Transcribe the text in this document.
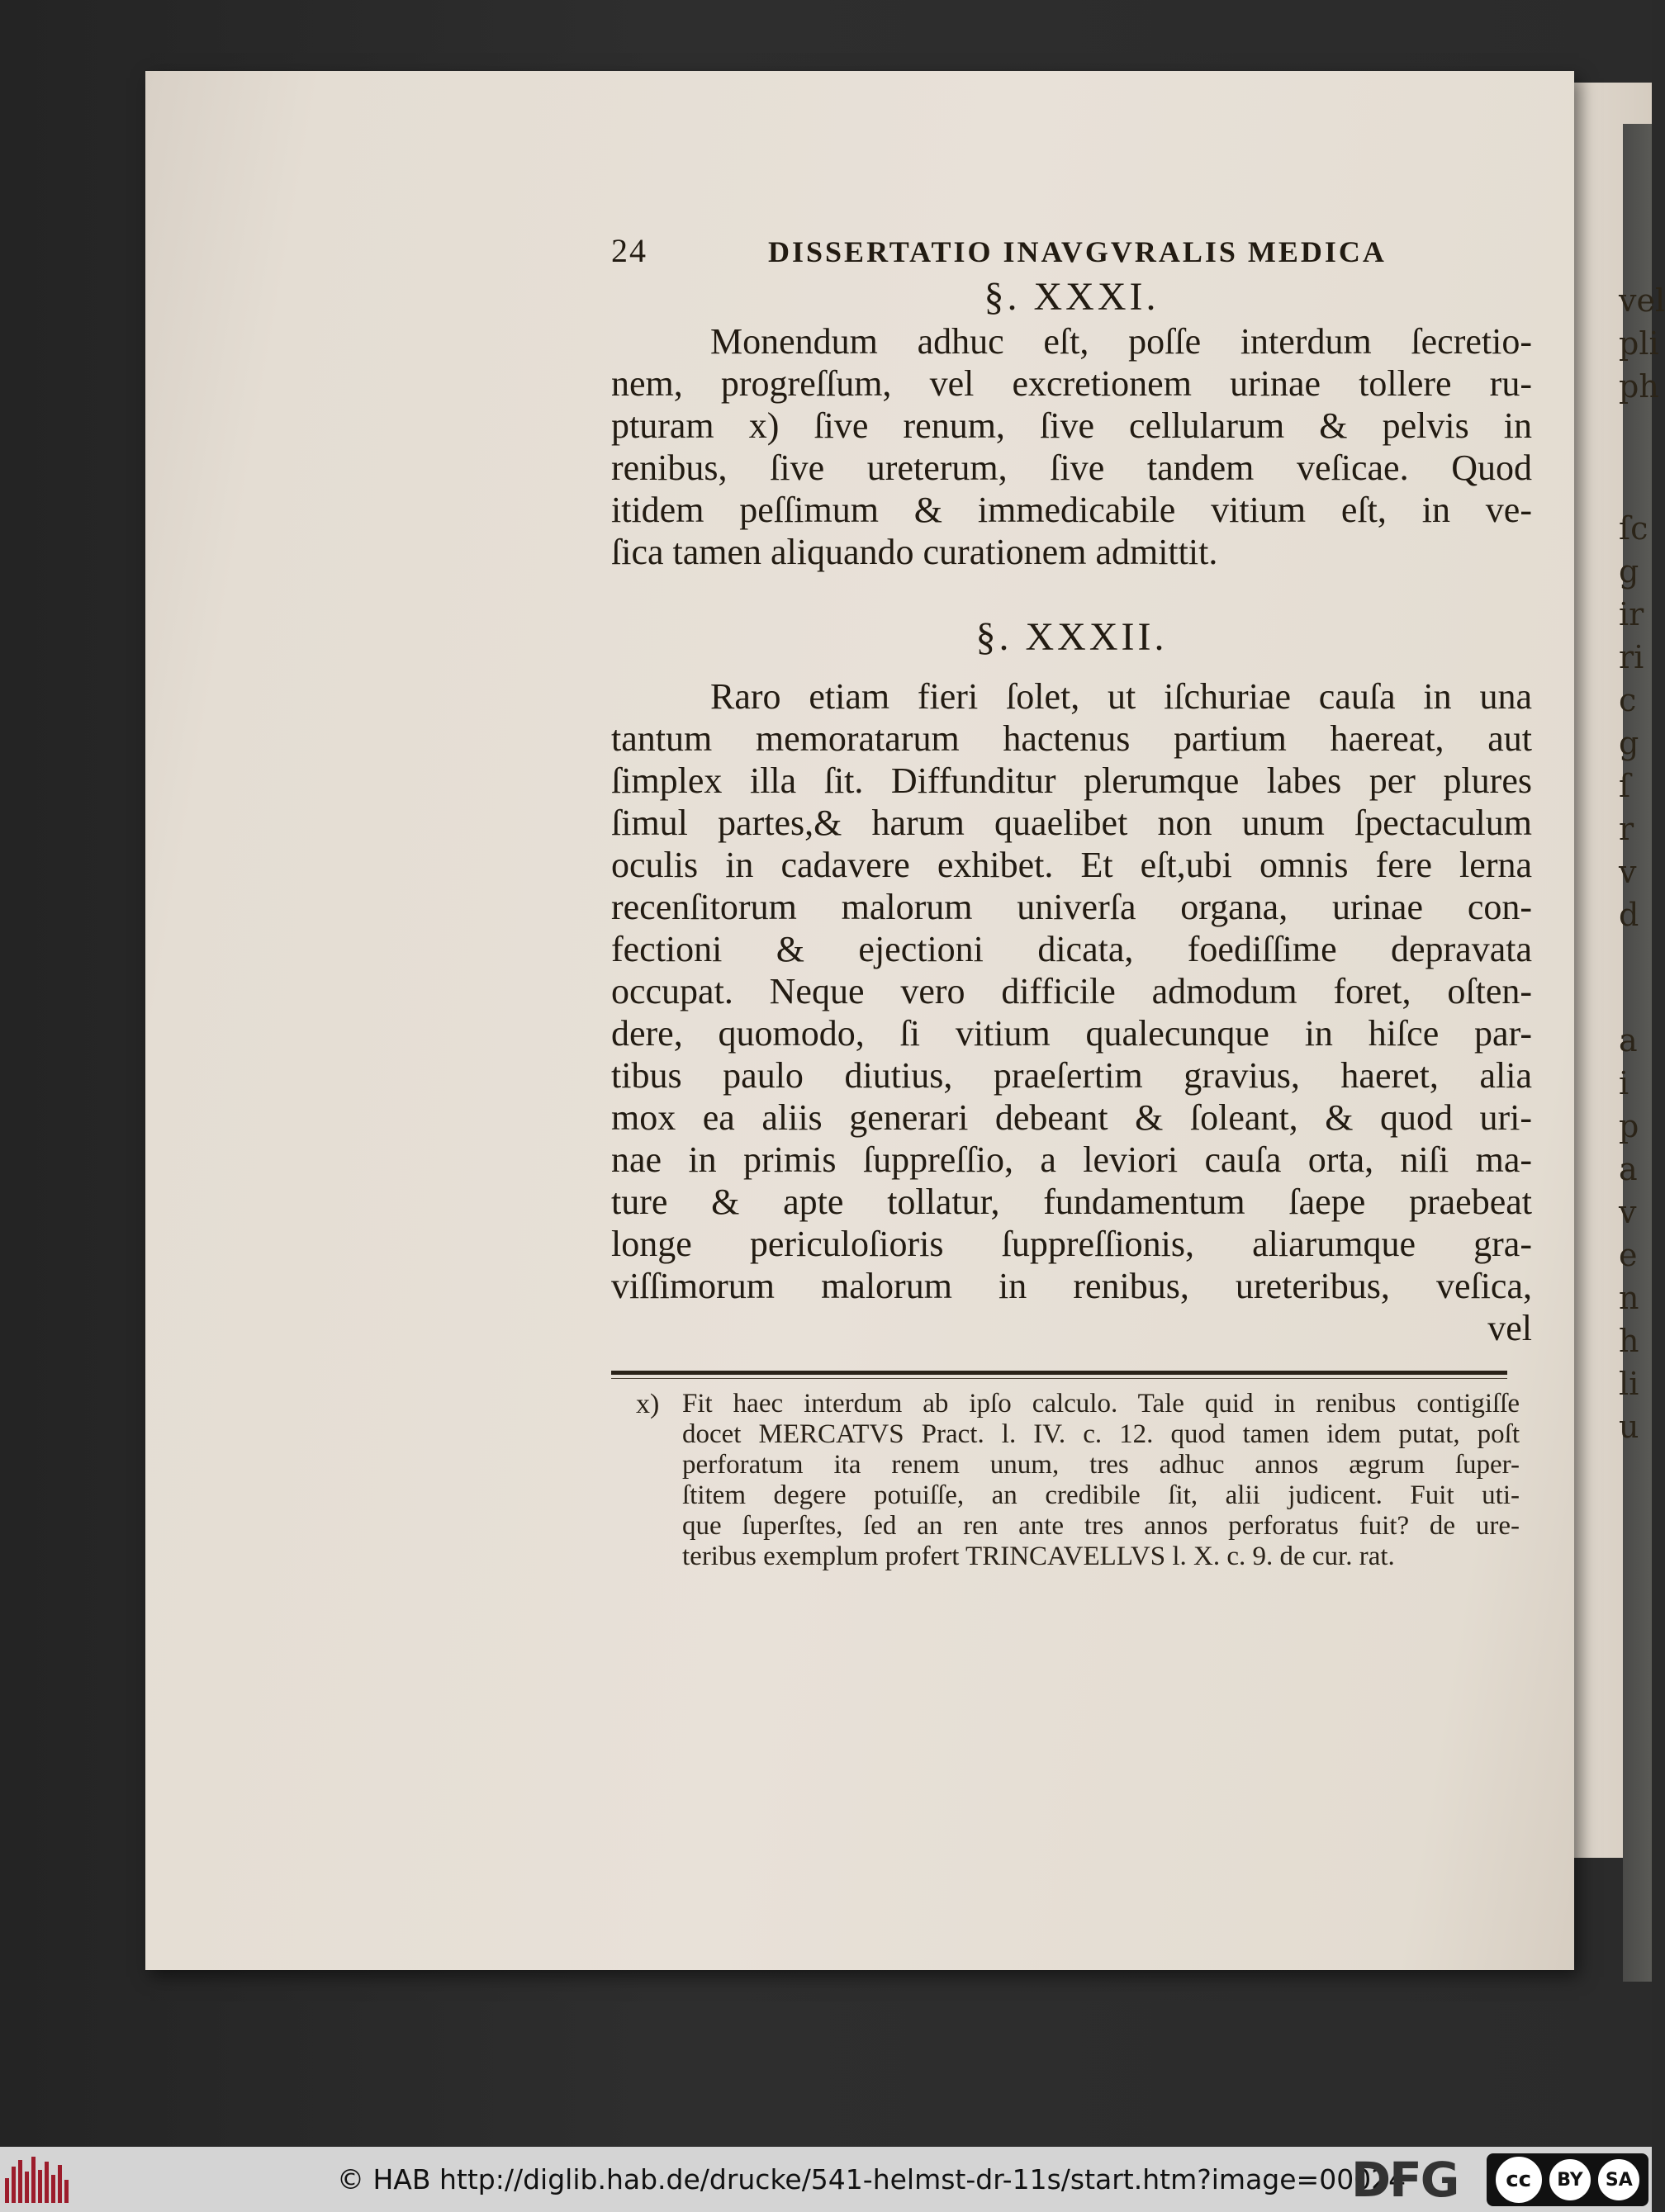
vel
pli
ph
ſc
g
ir
ri
c
g
ſ
r
v
d
a
i
p
a
v
e
n
h
li
u
24	DISSERTATIO INAVGVRALIS MEDICA
§. XXXI.
Monendum adhuc eſt, poſſe interdum ſecretio-
nem, progreſſum, vel excretionem urinae tollere ru-
pturam x) ſive renum, ſive cellularum & pelvis in
renibus, ſive ureterum, ſive tandem veſicae. Quod
itidem peſſimum & immedicabile vitium eſt, in ve-
ſica tamen aliquando curationem admittit.
§. XXXII.
Raro etiam fieri ſolet, ut iſchuriae cauſa in una
tantum memoratarum hactenus partium haereat, aut
ſimplex illa ſit. Diffunditur plerumque labes per plures
ſimul partes,& harum quaelibet non unum ſpectaculum
oculis in cadavere exhibet. Et eſt,ubi omnis fere lerna
recenſitorum malorum univerſa organa, urinae con-
fectioni & ejectioni dicata, foediſſime depravata
occupat. Neque vero difficile admodum foret, oſten-
dere, quomodo, ſi vitium qualecunque in hiſce par-
tibus paulo diutius, praeſertim gravius, haeret, alia
mox ea aliis generari debeant & ſoleant, & quod uri-
nae in primis ſuppreſſio, a leviori cauſa orta, niſi ma-
ture & apte tollatur, fundamentum ſaepe praebeat
longe periculoſioris ſuppreſſionis, aliarumque gra-
viſſimorum malorum in renibus, ureteribus, veſica,
vel
x) Fit haec interdum ab ipſo calculo. Tale quid in renibus contigiſſe
docet MERCATVS Pract. l. IV. c. 12. quod tamen idem putat, poſt
perforatum ita renem unum, tres adhuc annos ægrum ſuper-
ſtitem degere potuiſſe, an credibile ſit, alii judicent. Fuit uti-
que ſuperſtes, ſed an ren ante tres annos perforatus fuit? de ure-
teribus exemplum profert TRINCAVELLVS l. X. c. 9. de cur. rat.
© HAB http://diglib.hab.de/drucke/541-helmst-dr-11s/start.htm?image=00024
DFG	cc	BY	SA
